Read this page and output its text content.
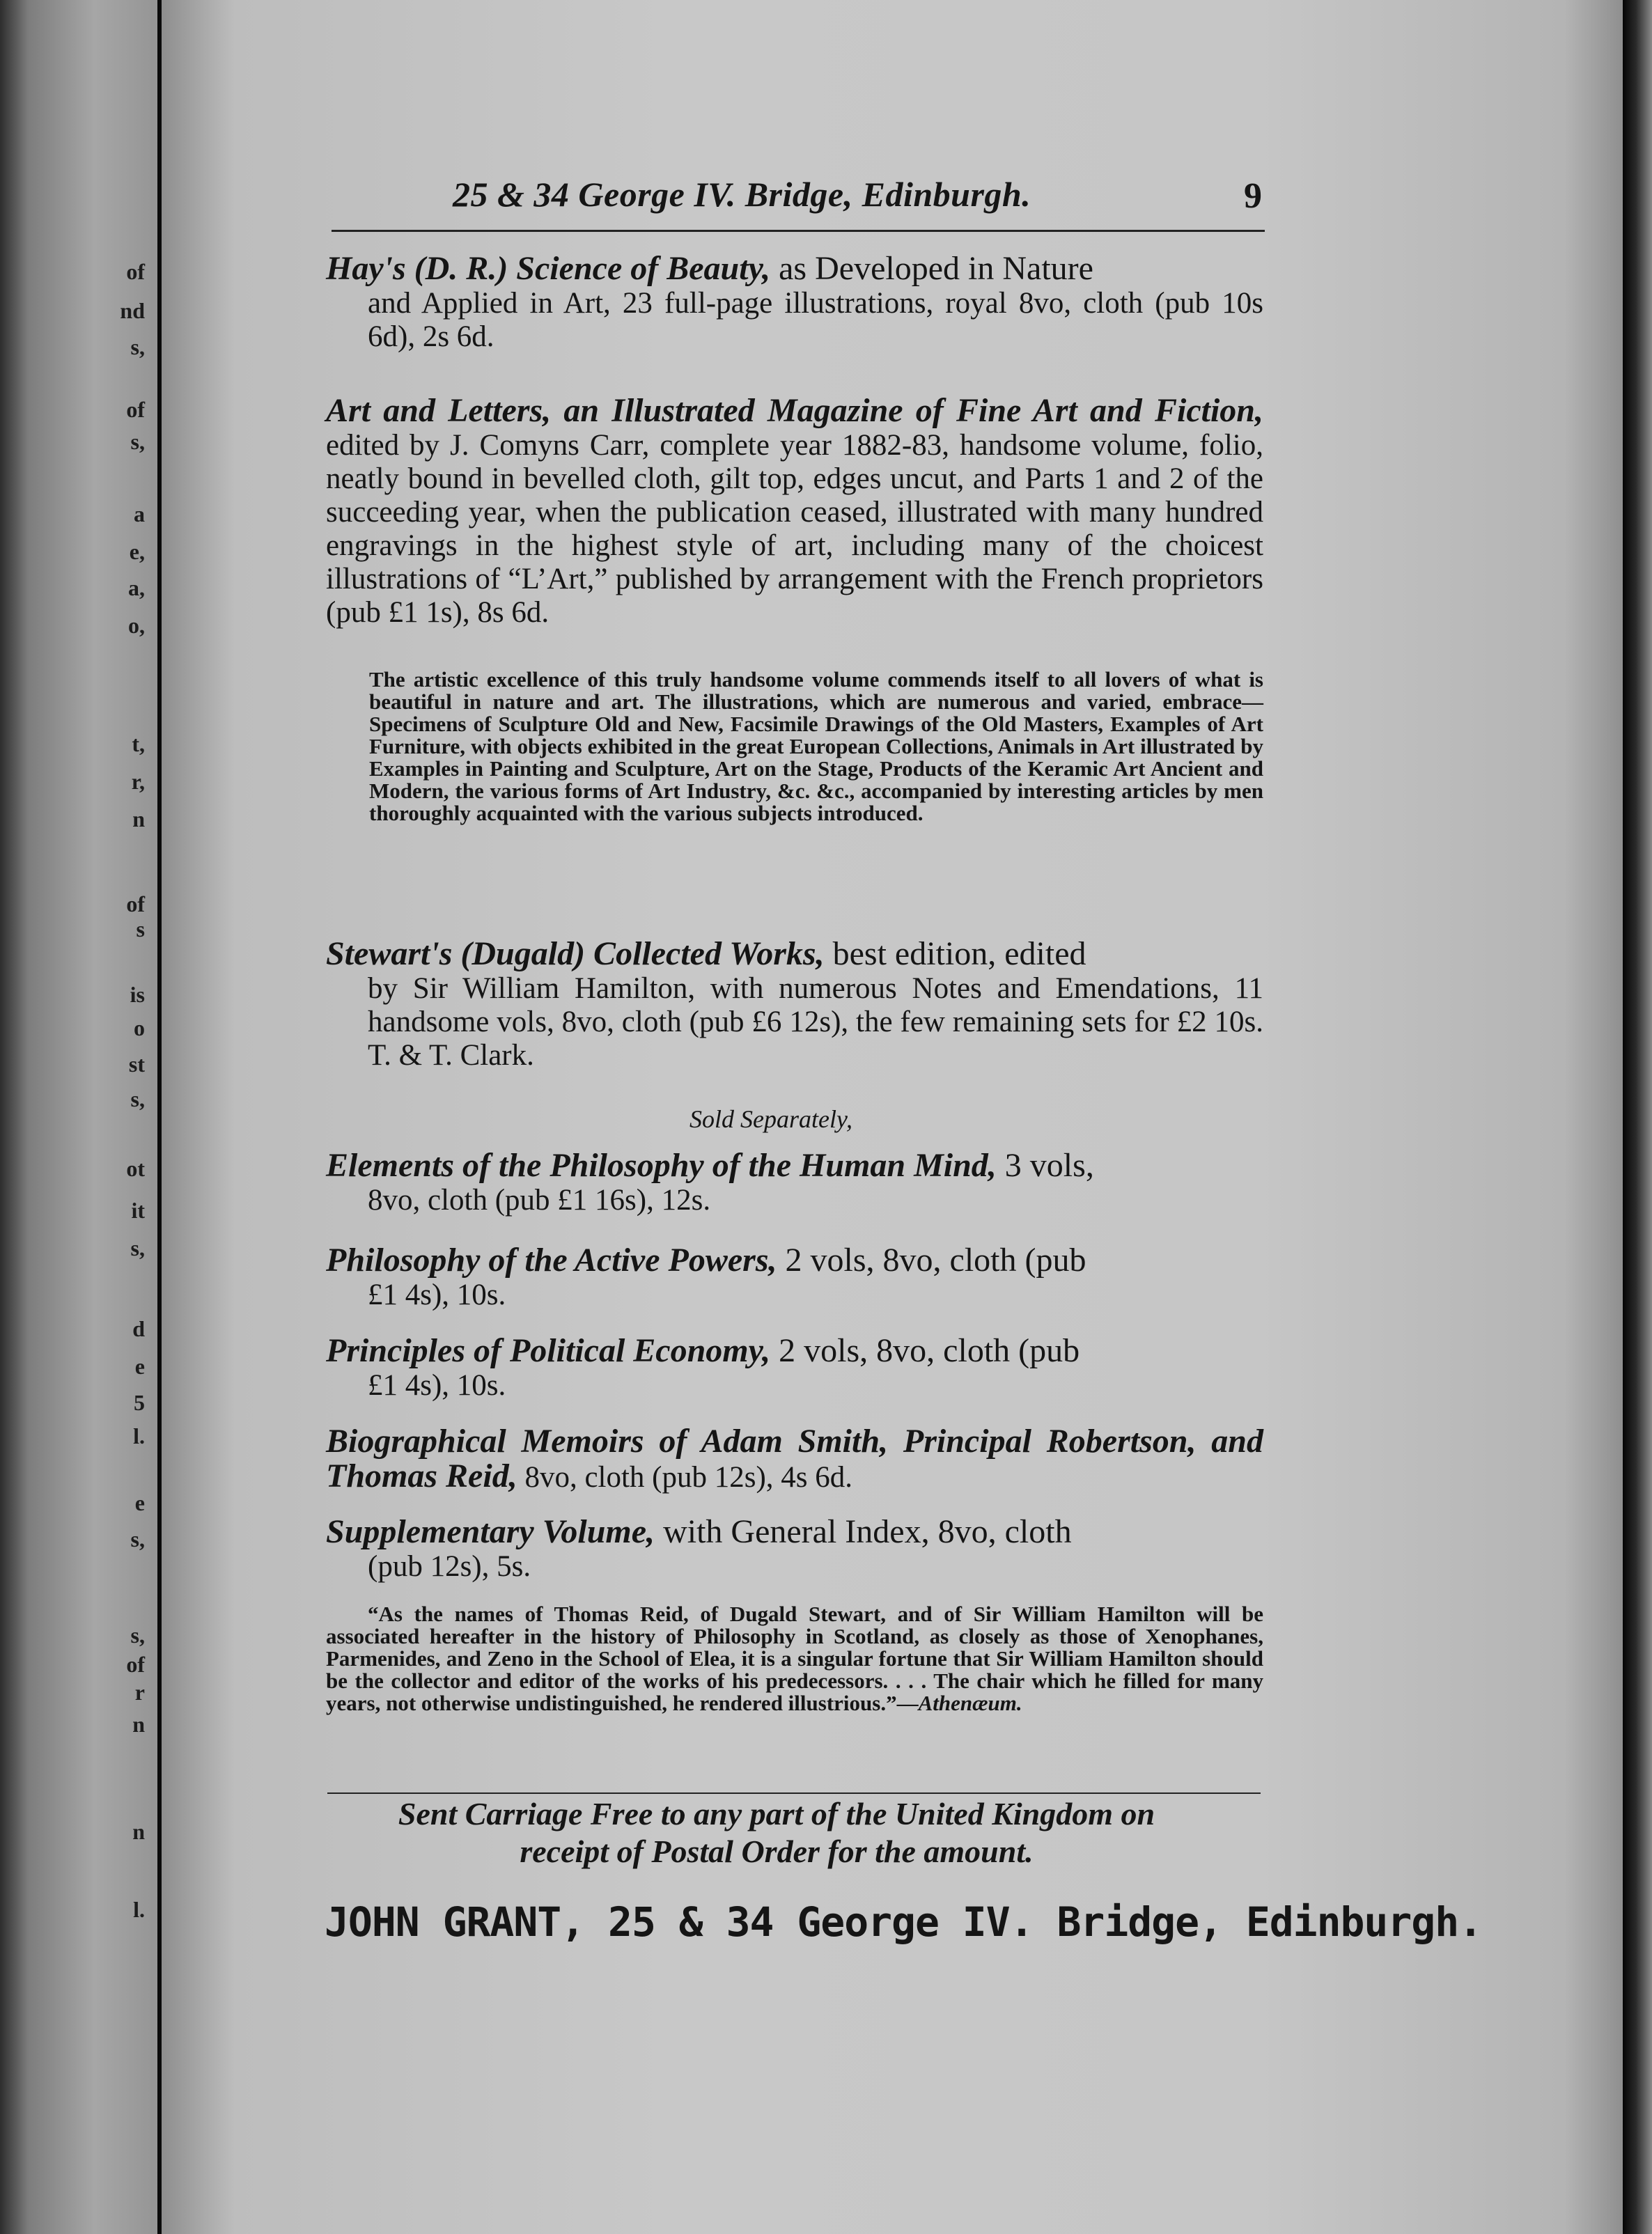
of
nd
s,
of
s,
a
e,
a,
o,
t,
r,
n
of
s
is
o
st
s,
ot
it
s,
d
e
5
l.
e
s,
s,
of
r
n
n
l.
25 & 34 George IV. Bridge, Edinburgh.	9
Hay's (D. R.) Science of Beauty, as Developed in Nature
and Applied in Art, 23 full-page illustrations, royal 8vo, cloth (pub 10s 6d), 2s 6d.
Art and Letters, an Illustrated Magazine of Fine Art and Fiction, edited by J. Comyns Carr, complete year 1882-83, handsome volume, folio, neatly bound in bevelled cloth, gilt top, edges uncut, and Parts 1 and 2 of the succeeding year, when the publication ceased, illustrated with many hundred engravings in the highest style of art, including many of the choicest illustrations of “L’Art,” published by arrangement with the French proprietors (pub £1 1s), 8s 6d.
The artistic excellence of this truly handsome volume commends itself to all lovers of what is beautiful in nature and art. The illustrations, which are numerous and varied, embrace—Specimens of Sculpture Old and New, Facsimile Drawings of the Old Masters, Examples of Art Furniture, with objects exhibited in the great European Collections, Animals in Art illustrated by Examples in Painting and Sculpture, Art on the Stage, Products of the Keramic Art Ancient and Modern, the various forms of Art Industry, &c. &c., accompanied by interesting articles by men thoroughly acquainted with the various subjects introduced.
Stewart's (Dugald) Collected Works, best edition, edited
by Sir William Hamilton, with numerous Notes and Emendations, 11 handsome vols, 8vo, cloth (pub £6 12s), the few remaining sets for £2 10s. T. & T. Clark.
Sold Separately,
Elements of the Philosophy of the Human Mind, 3 vols,
8vo, cloth (pub £1 16s), 12s.
Philosophy of the Active Powers, 2 vols, 8vo, cloth (pub
£1 4s), 10s.
Principles of Political Economy, 2 vols, 8vo, cloth (pub
£1 4s), 10s.
Biographical Memoirs of Adam Smith, Principal Robertson, and Thomas Reid, 8vo, cloth (pub 12s), 4s 6d.
Supplementary Volume, with General Index, 8vo, cloth
(pub 12s), 5s.
“As the names of Thomas Reid, of Dugald Stewart, and of Sir William Hamilton will be associated hereafter in the history of Philosophy in Scotland, as closely as those of Xenophanes, Parmenides, and Zeno in the School of Elea, it is a singular fortune that Sir William Hamilton should be the collector and editor of the works of his predecessors. . . . The chair which he filled for many years, not otherwise undistinguished, he rendered illustrious.”—Athenæum.
Sent Carriage Free to any part of the United Kingdom on
receipt of Postal Order for the amount.
JOHN GRANT, 25 & 34 George IV. Bridge, Edinburgh.
